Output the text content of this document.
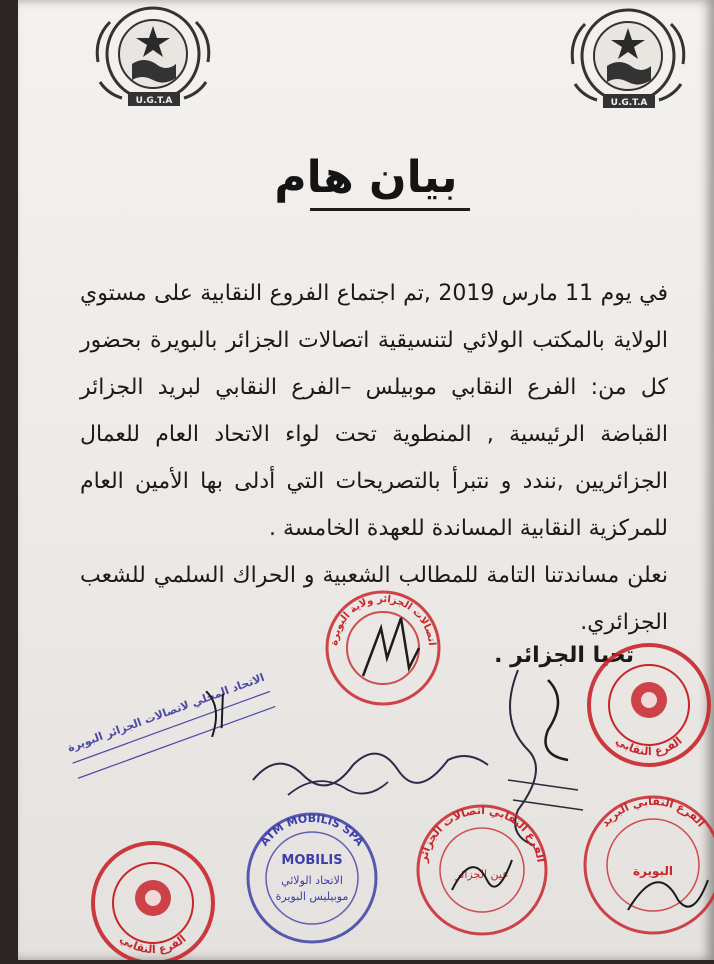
U.G.T.A	U.G.T.A
بيان هام

في يوم 11 مارس 2019 ,تم اجتماع الفروع النقابية على مستوي الولاية بالمكتب الولائي لتنسيقية اتصالات الجزائر بالبويرة بحضور كل من: الفرع النقابي موبيلس –الفرع النقابي لبريد الجزائر القباضة الرئيسية , المنطوية تحت لواء الاتحاد العام للعمال الجزائريين ,نندد و نتبرأ بالتصريحات التي أدلى بها الأمين العام للمركزية النقابية المساندة للعهدة الخامسة .

نعلن مساندتنا التامة للمطالب الشعبية و الحراك السلمي للشعب الجزائري.

تحيا الجزائر .
اتصالات الجزائر ولاية البويرة
الفرع النقابي
الاتحاد المحلي لاتصالات الجزائر البويرة
ATM MOBILIS SPA
MOBILIS
الاتحاد الولائي
موبيليس البويرة
الفرع النقابي اتصالات الجزائر
عين الجزائر
الفرع النقابي البريد
البويرة
الفرع النقابي
